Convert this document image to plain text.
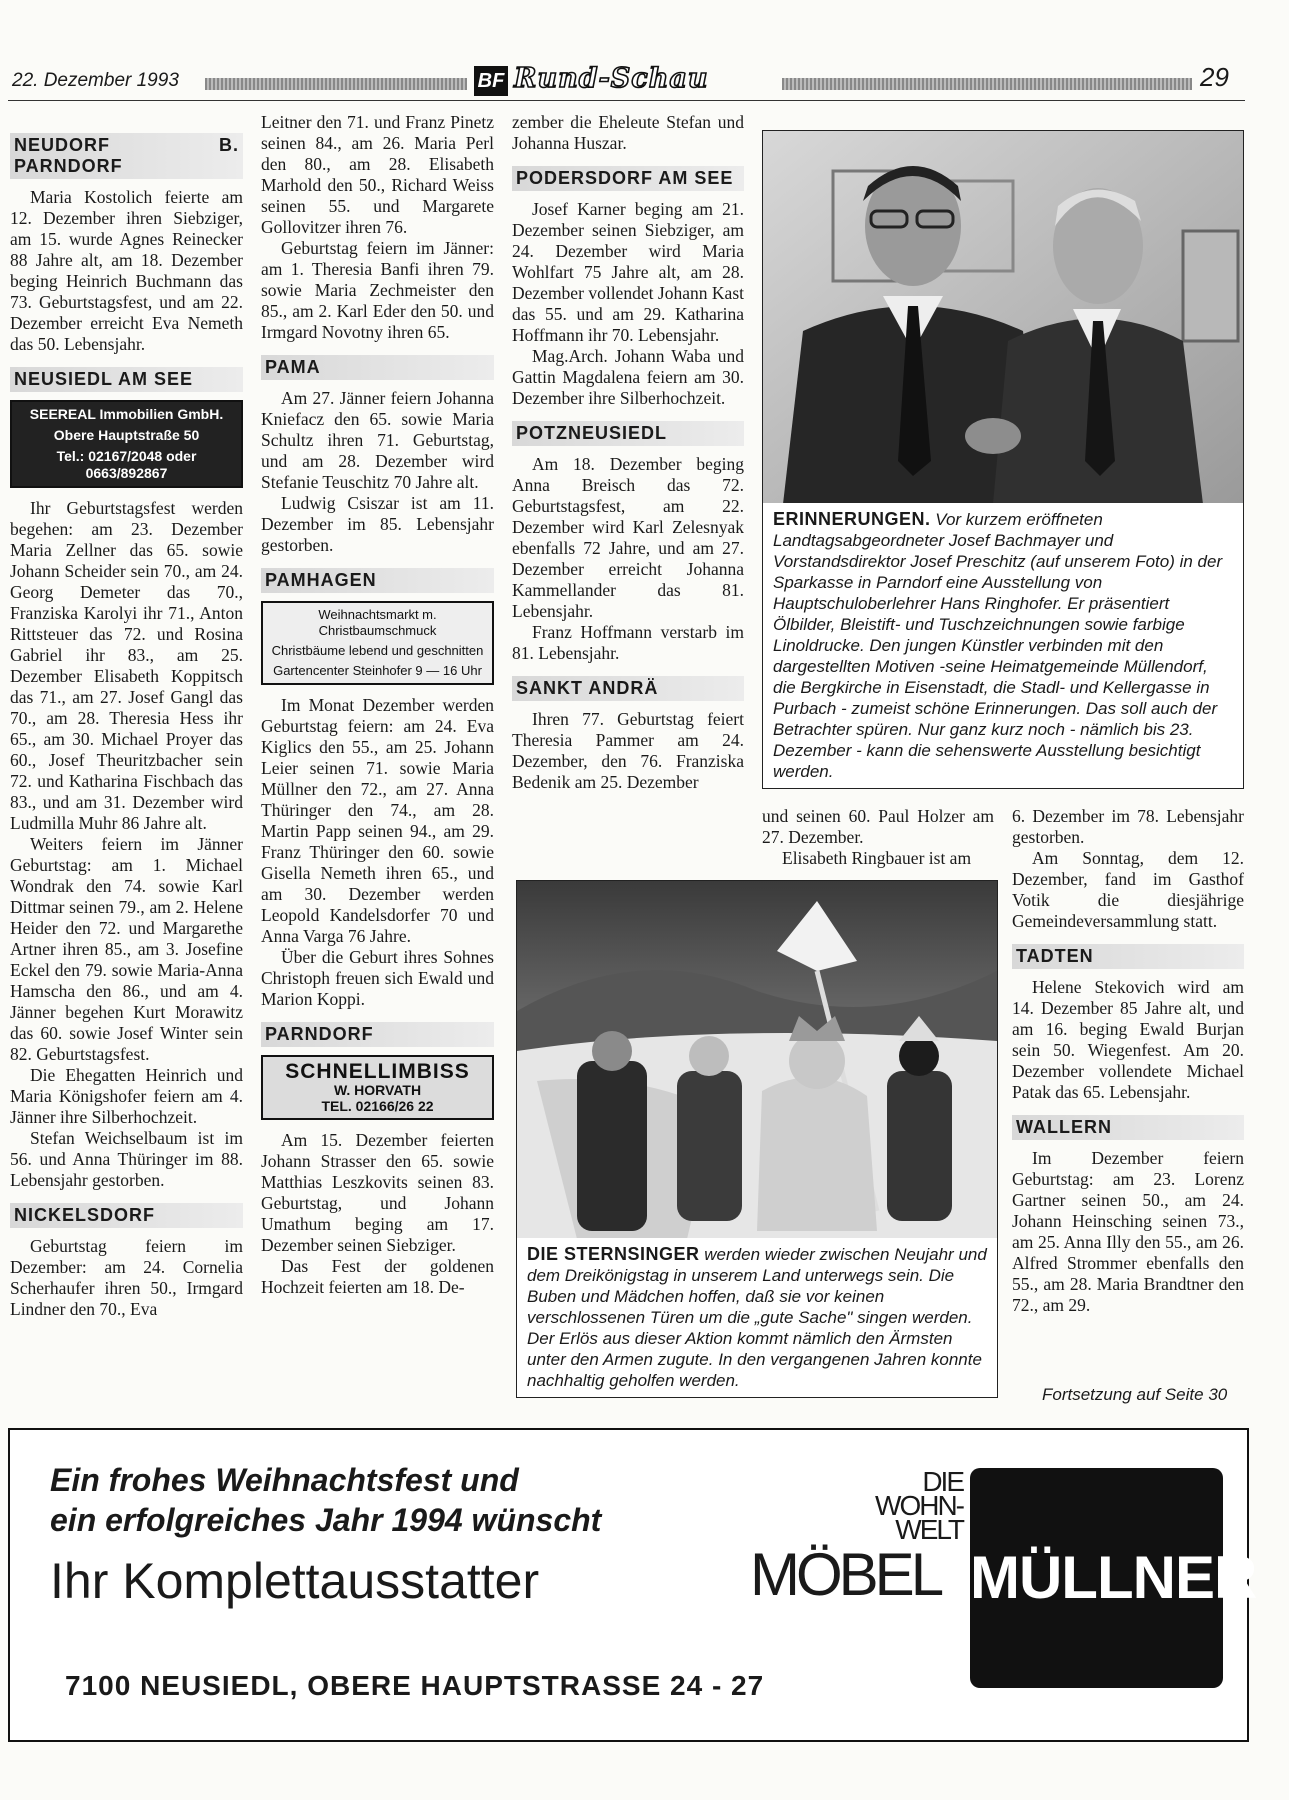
22. Dezember 1993	BF Rund-Schau	29
NEUDORF B. PARNDORF

Maria Kostolich feierte am 12. Dezember ihren Siebziger, am 15. wurde Agnes Reinecker 88 Jahre alt, am 18. Dezember beging Heinrich Buchmann das 73. Geburtstagsfest, und am 22. Dezember erreicht Eva Nemeth das 50. Lebensjahr.

NEUSIEDL AM SEE
SEEREAL Immobilien GmbH.
Obere Hauptstraße 50
Tel.: 02167/2048 oder 0663/892867

Ihr Geburtstagsfest werden begehen: am 23. Dezember Maria Zellner das 65. sowie Johann Scheider sein 70., am 24. Georg Demeter das 70., Franziska Karolyi ihr 71., Anton Rittsteuer das 72. und Rosina Gabriel ihr 83., am 25. Dezember Elisabeth Koppitsch das 71., am 27. Josef Gangl das 70., am 28. Theresia Hess ihr 65., am 30. Michael Proyer das 60., Josef Theuritzbacher sein 72. und Katharina Fischbach das 83., und am 31. Dezember wird Ludmilla Muhr 86 Jahre alt.

Weiters feiern im Jänner Geburtstag: am 1. Michael Wondrak den 74. sowie Karl Dittmar seinen 79., am 2. Helene Heider den 72. und Margarethe Artner ihren 85., am 3. Josefine Eckel den 79. sowie Maria-Anna Hamscha den 86., und am 4. Jänner begehen Kurt Morawitz das 60. sowie Josef Winter sein 82. Geburtstagsfest.

Die Ehegatten Heinrich und Maria Königshofer feiern am 4. Jänner ihre Silberhochzeit.

Stefan Weichselbaum ist im 56. und Anna Thüringer im 88. Lebensjahr gestorben.

NICKELSDORF

Geburtstag feiern im Dezember: am 24. Cornelia Scherhaufer ihren 50., Irmgard Lindner den 70., Eva

Leitner den 71. und Franz Pinetz seinen 84., am 26. Maria Perl den 80., am 28. Elisabeth Marhold den 50., Richard Weiss seinen 55. und Margarete Gollovitzer ihren 76.

Geburtstag feiern im Jänner: am 1. Theresia Banfi ihren 79. sowie Maria Zechmeister den 85., am 2. Karl Eder den 50. und Irmgard Novotny ihren 65.

PAMA

Am 27. Jänner feiern Johanna Kniefacz den 65. sowie Maria Schultz ihren 71. Geburtstag, und am 28. Dezember wird Stefanie Teuschitz 70 Jahre alt.

Ludwig Csiszar ist am 11. Dezember im 85. Lebensjahr gestorben.

PAMHAGEN
Weihnachtsmarkt m. Christbaumschmuck
Christbäume lebend und geschnitten
Gartencenter Steinhofer 9 — 16 Uhr

Im Monat Dezember werden Geburtstag feiern: am 24. Eva Kiglics den 55., am 25. Johann Leier seinen 71. sowie Maria Müllner den 72., am 27. Anna Thüringer den 74., am 28. Martin Papp seinen 94., am 29. Franz Thüringer den 60. sowie Gisella Nemeth ihren 65., und am 30. Dezember werden Leopold Kandelsdorfer 70 und Anna Varga 76 Jahre.

Über die Geburt ihres Sohnes Christoph freuen sich Ewald und Marion Koppi.

PARNDORF
SCHNELLIMBISS
W. HORVATH
TEL. 02166/26 22

Am 15. Dezember feierten Johann Strasser den 65. sowie Matthias Leszkovits seinen 83. Geburtstag, und Johann Umathum beging am 17. Dezember seinen Siebziger.

Das Fest der goldenen Hochzeit feierten am 18. De-

zember die Eheleute Stefan und Johanna Huszar.

PODERSDORF AM SEE

Josef Karner beging am 21. Dezember seinen Siebziger, am 24. Dezember wird Maria Wohlfart 75 Jahre alt, am 28. Dezember vollendet Johann Kast das 55. und am 29. Katharina Hoffmann ihr 70. Lebensjahr.

Mag.Arch. Johann Waba und Gattin Magdalena feiern am 30. Dezember ihre Silberhochzeit.

POTZNEUSIEDL

Am 18. Dezember beging Anna Breisch das 72. Geburtstagsfest, am 22. Dezember wird Karl Zelesnyak ebenfalls 72 Jahre, und am 27. Dezember erreicht Johanna Kammellander das 81. Lebensjahr.

Franz Hoffmann verstarb im 81. Lebensjahr.

SANKT ANDRÄ

Ihren 77. Geburtstag feiert Theresia Pammer am 24. Dezember, den 76. Franziska Bedenik am 25. Dezember

ERINNERUNGEN. Vor kurzem eröffneten Landtagsabgeordneter Josef Bachmayer und Vorstandsdirektor Josef Preschitz (auf unserem Foto) in der Sparkasse in Parndorf eine Ausstellung von Hauptschuloberlehrer Hans Ringhofer. Er präsentiert Ölbilder, Bleistift- und Tuschzeichnungen sowie farbige Linoldrucke. Den jungen Künstler verbinden mit den dargestellten Motiven -seine Heimatgemeinde Müllendorf, die Bergkirche in Eisenstadt, die Stadl- und Kellergasse in Purbach - zumeist schöne Erinnerungen. Das soll auch der Betrachter spüren. Nur ganz kurz noch - nämlich bis 23. Dezember - kann die sehenswerte Ausstellung besichtigt werden.

und seinen 60. Paul Holzer am 27. Dezember.

Elisabeth Ringbauer ist am

DIE STERNSINGER werden wieder zwischen Neujahr und dem Dreikönigstag in unserem Land unterwegs sein. Die Buben und Mädchen hoffen, daß sie vor keinen verschlossenen Türen um die „gute Sache" singen werden. Der Erlös aus dieser Aktion kommt nämlich den Ärmsten unter den Armen zugute. In den vergangenen Jahren konnte nachhaltig geholfen werden.

6. Dezember im 78. Lebensjahr gestorben.

Am Sonntag, dem 12. Dezember, fand im Gasthof Votik die diesjährige Gemeindeversammlung statt.

TADTEN

Helene Stekovich wird am 14. Dezember 85 Jahre alt, und am 16. beging Ewald Burjan sein 50. Wiegenfest. Am 20. Dezember vollendete Michael Patak das 65. Lebensjahr.

WALLERN

Im Dezember feiern Geburtstag: am 23. Lorenz Gartner seinen 50., am 24. Johann Heinsching seinen 73., am 25. Anna Illy den 55., am 26. Alfred Strommer ebenfalls den 55., am 28. Maria Brandtner den 72., am 29.

Fortsetzung auf Seite 30
Ein frohes Weihnachtsfest und
ein erfolgreiches Jahr 1994 wünscht
Ihr Komplettausstatter
DIE
WOHN-
WELT
MÖBEL MÜLLNER
7100 NEUSIEDL, OBERE HAUPTSTRASSE 24 - 27
